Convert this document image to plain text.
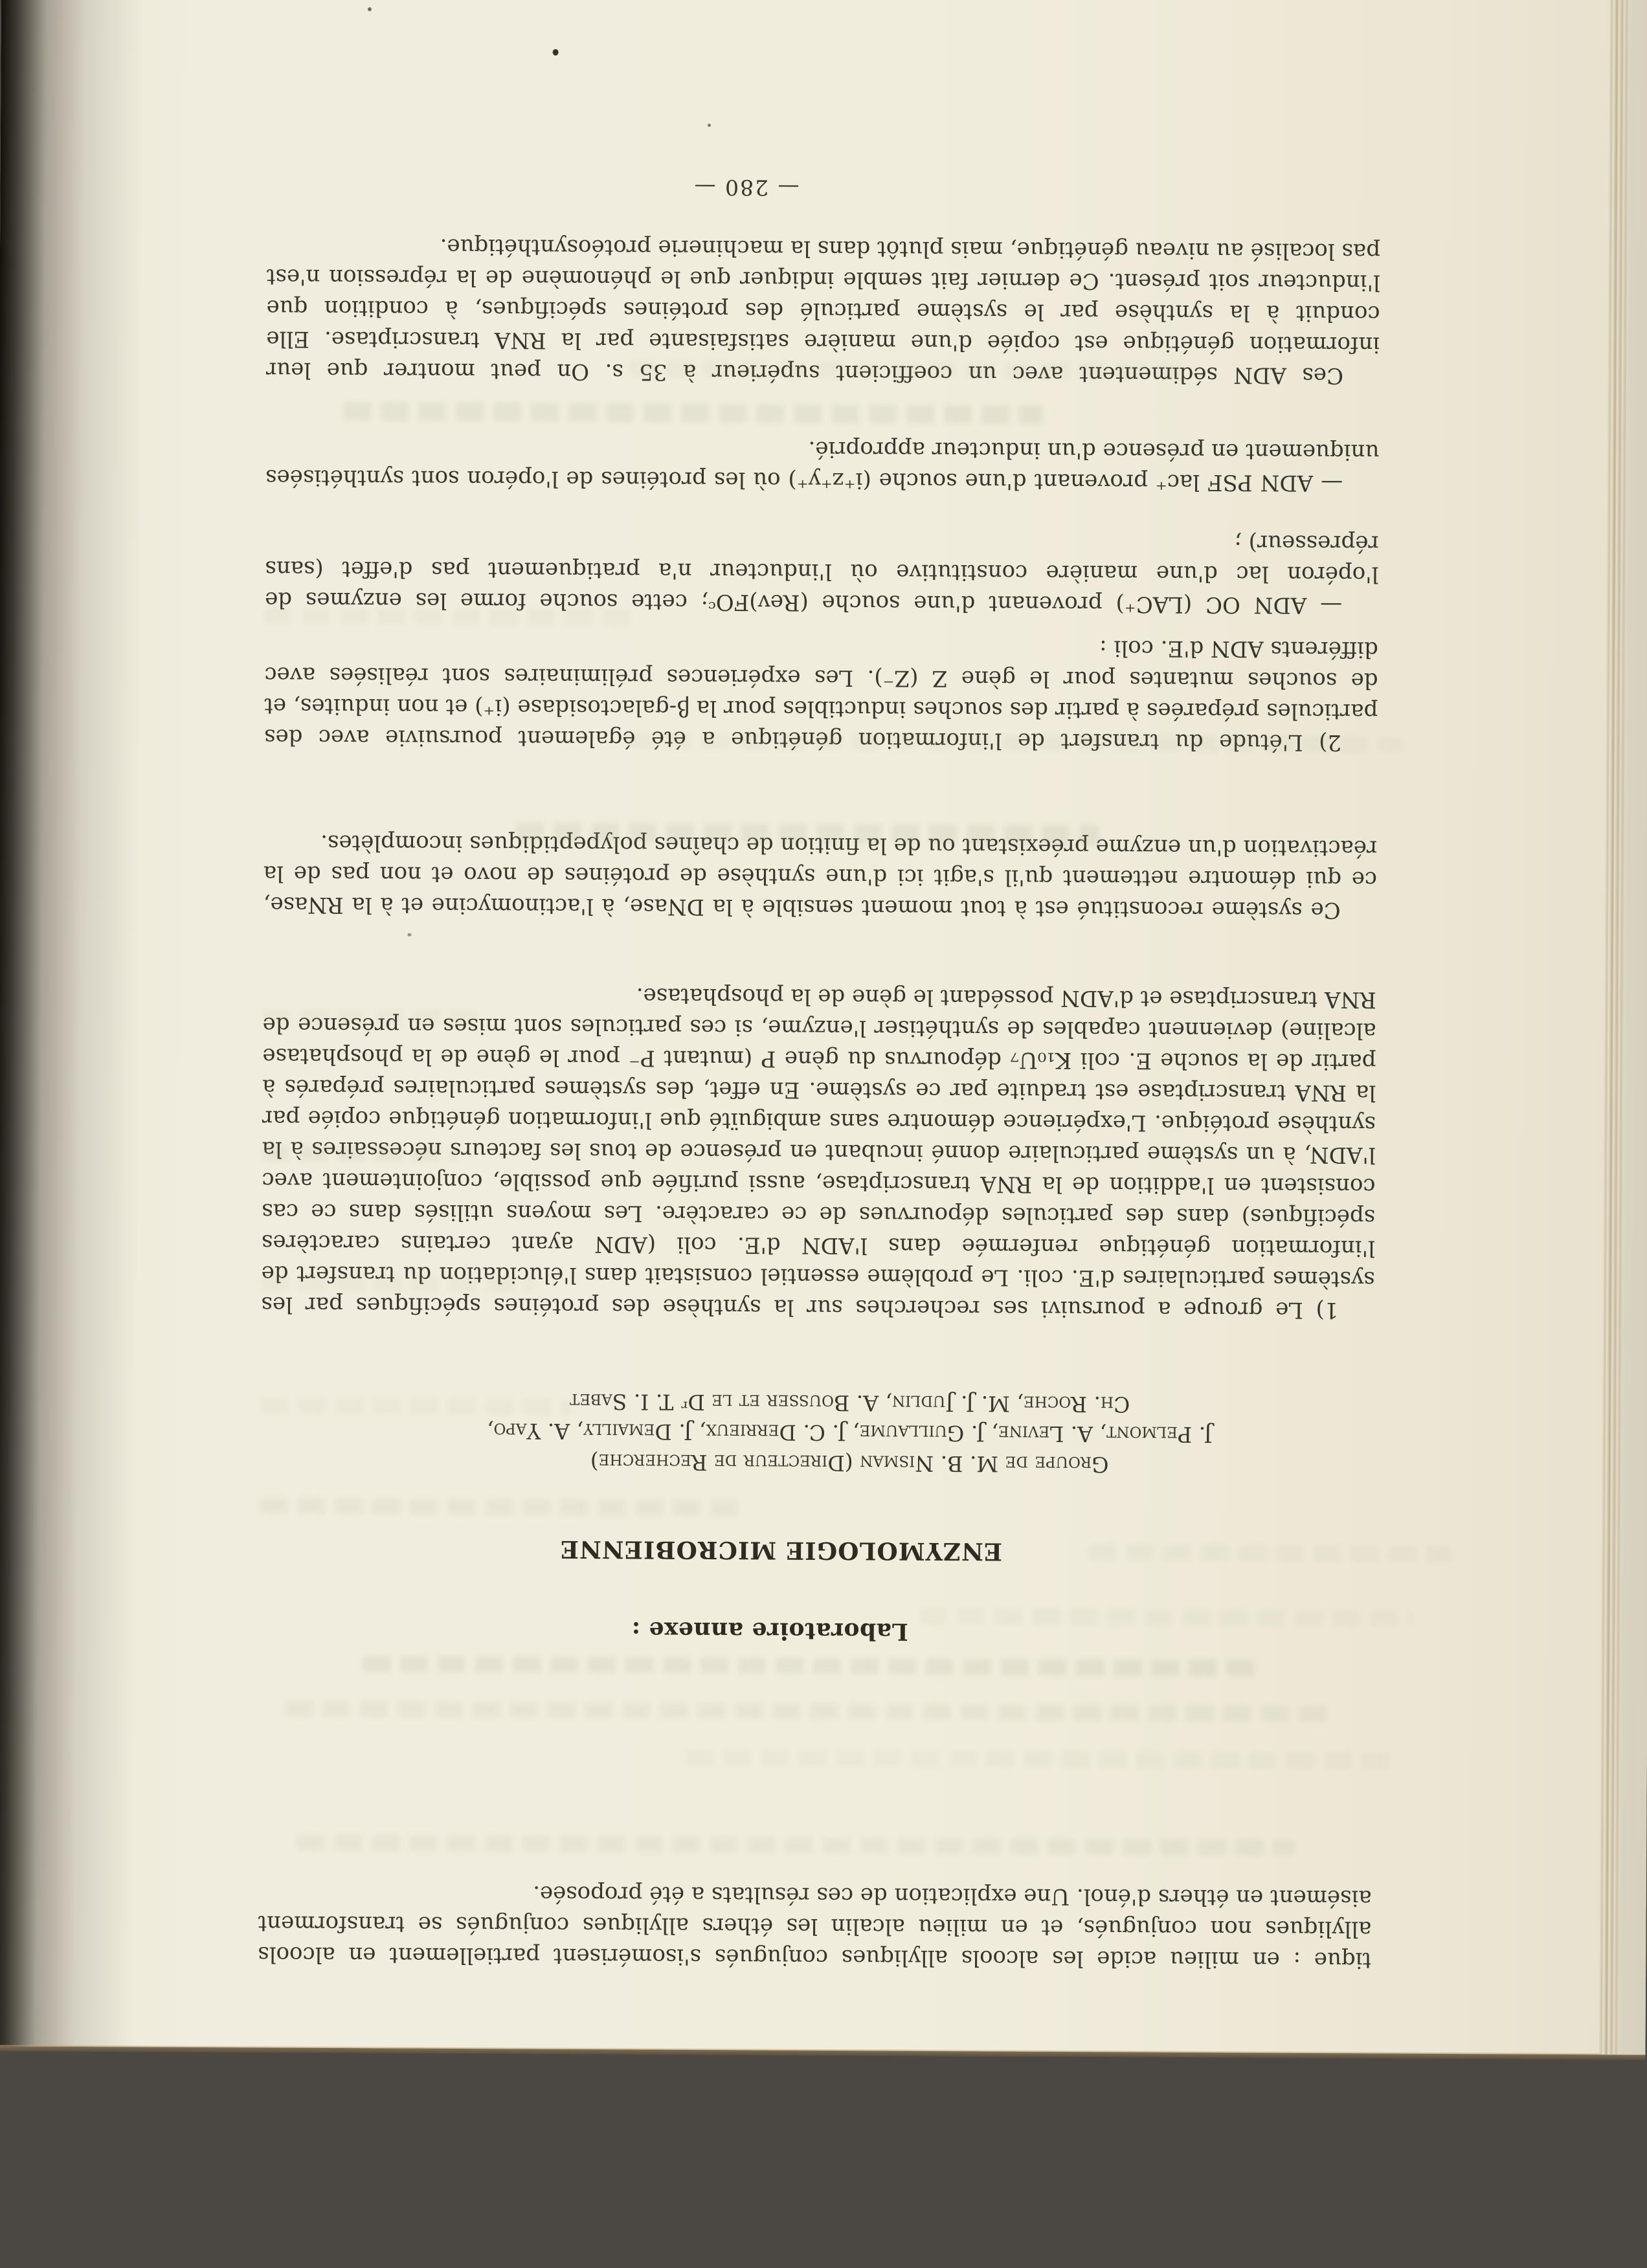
tique : en milieu acide les alcools allyliques conjugués s'isomérisent partiellement en alcools allyliques non conjugués, et en milieu alcalin les éthers allyliques conjugués se transforment aisément en éthers d'énol. Une explication de ces résultats a été proposée.

Laboratoire annexe :

ENZYMOLOGIE MICROBIENNE

Groupe de M. B. Nisman (Directeur de Recherche)

J. Pelmont, A. Levine, J. Guillaume, J. C. Derrieux, J. Demailly, A. Yapo,

Ch. Roche, M. J. Judlin, A. Bousser et le Dʳ T. I. Sabet

1) Le groupe a poursuivi ses recherches sur la synthèse des protéines spécifiques par les systèmes particulaires d'E. coli. Le problème essentiel consistait dans l'élucidation du transfert de l'information génétique renfermée dans l'ADN d'E. coli (ADN ayant certains caractères spécifiques) dans des particules dépourvues de ce caractère. Les moyens utilisés dans ce cas consistent en l'addition de la RNA transcriptase, aussi purifiée que possible, conjointement avec l'ADN, à un système particulaire donné incubant en présence de tous les facteurs nécessaires à la synthèse protéique. L'expérience démontre sans ambiguïté que l'information génétique copiée par la RNA transcriptase est traduite par ce système. En effet, des systèmes particulaires préparés à partir de la souche E. coli K₁₀U₇ dépourvus du gène P (mutant P⁻ pour le gène de la phosphatase alcaline) deviennent capables de synthétiser l'enzyme, si ces particules sont mises en présence de RNA transcriptase et d'ADN possédant le gène de la phosphatase.

Ce système reconstitué est à tout moment sensible à la DNase, à l'actinomycine et à la RNase, ce qui démontre nettement qu'il s'agit ici d'une synthèse de protéines de novo et non pas de la réactivation d'un enzyme préexistant ou de la finition de chaînes polypeptidiques incomplètes.

2) L'étude du transfert de l'information génétique a été également poursuivie avec des particules préparées à partir des souches inductibles pour la β-galactosidase (i⁺) et non induites, et de souches mutantes pour le gène Z (Z⁻). Les expériences préliminaires sont réalisées avec différents ADN d'E. coli :

— ADN OC (LAC⁺) provenant d'une souche (Rev)FOᶜ; cette souche forme les enzymes de l'opéron lac d'une manière constitutive où l'inducteur n'a pratiquement pas d'effet (sans répresseur) ;

— ADN PSF lac⁺ provenant d'une souche (i⁺z⁺y⁺) où les protéines de l'opéron sont synthétisées uniquement en présence d'un inducteur approprié.

Ces ADN sédimentent avec un coefficient supérieur à 35 s. On peut montrer que leur information génétique est copiée d'une manière satisfaisante par la RNA transcriptase. Elle conduit à la synthèse par le système particulé des protéines spécifiques, à condition que l'inducteur soit présent. Ce dernier fait semble indiquer que le phénomène de la répression n'est pas localisé au niveau génétique, mais plutôt dans la machinerie protéosynthétique.

— 280 —
